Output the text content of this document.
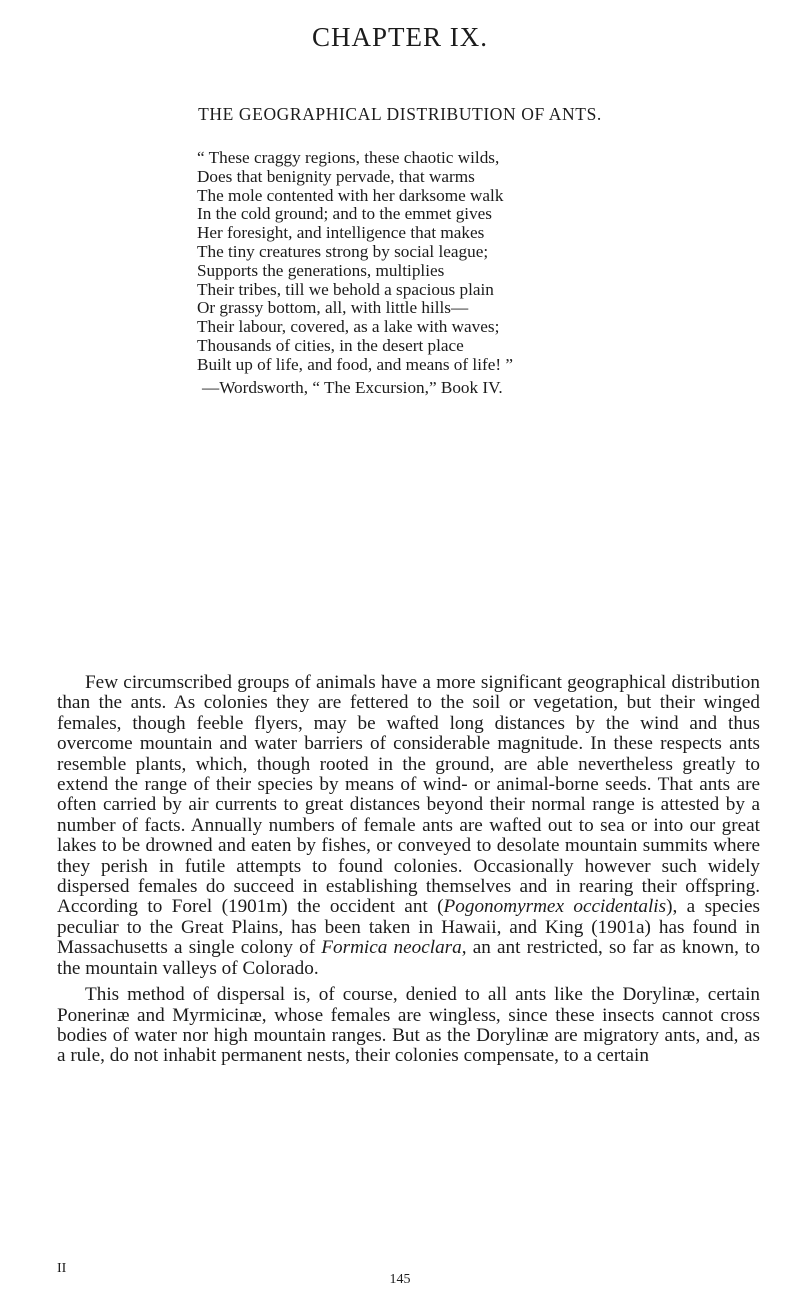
CHAPTER IX.
THE GEOGRAPHICAL DISTRIBUTION OF ANTS.
“ These craggy regions, these chaotic wilds,
Does that benignity pervade, that warms
The mole contented with her darksome walk
In the cold ground; and to the emmet gives
Her foresight, and intelligence that makes
The tiny creatures strong by social league;
Supports the generations, multiplies
Their tribes, till we behold a spacious plain
Or grassy bottom, all, with little hills—
Their labour, covered, as a lake with waves;
Thousands of cities, in the desert place
Built up of life, and food, and means of life! ”
—Wordsworth, “ The Excursion,” Book IV.

Few circumscribed groups of animals have a more significant geographical distribution than the ants. As colonies they are fettered to the soil or vegetation, but their winged females, though feeble flyers, may be wafted long distances by the wind and thus overcome mountain and water barriers of considerable magnitude. In these respects ants resemble plants, which, though rooted in the ground, are able nevertheless greatly to extend the range of their species by means of wind- or animal-borne seeds. That ants are often carried by air currents to great distances beyond their normal range is attested by a number of facts. Annually numbers of female ants are wafted out to sea or into our great lakes to be drowned and eaten by fishes, or conveyed to desolate mountain summits where they perish in futile attempts to found colonies. Occasionally however such widely dispersed females do succeed in establishing themselves and in rearing their offspring. According to Forel (1901m) the occident ant (Pogonomyrmex occidentalis), a species peculiar to the Great Plains, has been taken in Hawaii, and King (1901a) has found in Massachusetts a single colony of Formica neoclara, an ant restricted, so far as known, to the mountain valleys of Colorado.

This method of dispersal is, of course, denied to all ants like the Dorylinæ, certain Ponerinæ and Myrmicinæ, whose females are wingless, since these insects cannot cross bodies of water nor high mountain ranges. But as the Dorylinæ are migratory ants, and, as a rule, do not inhabit permanent nests, their colonies compensate, to a certain

II
145
